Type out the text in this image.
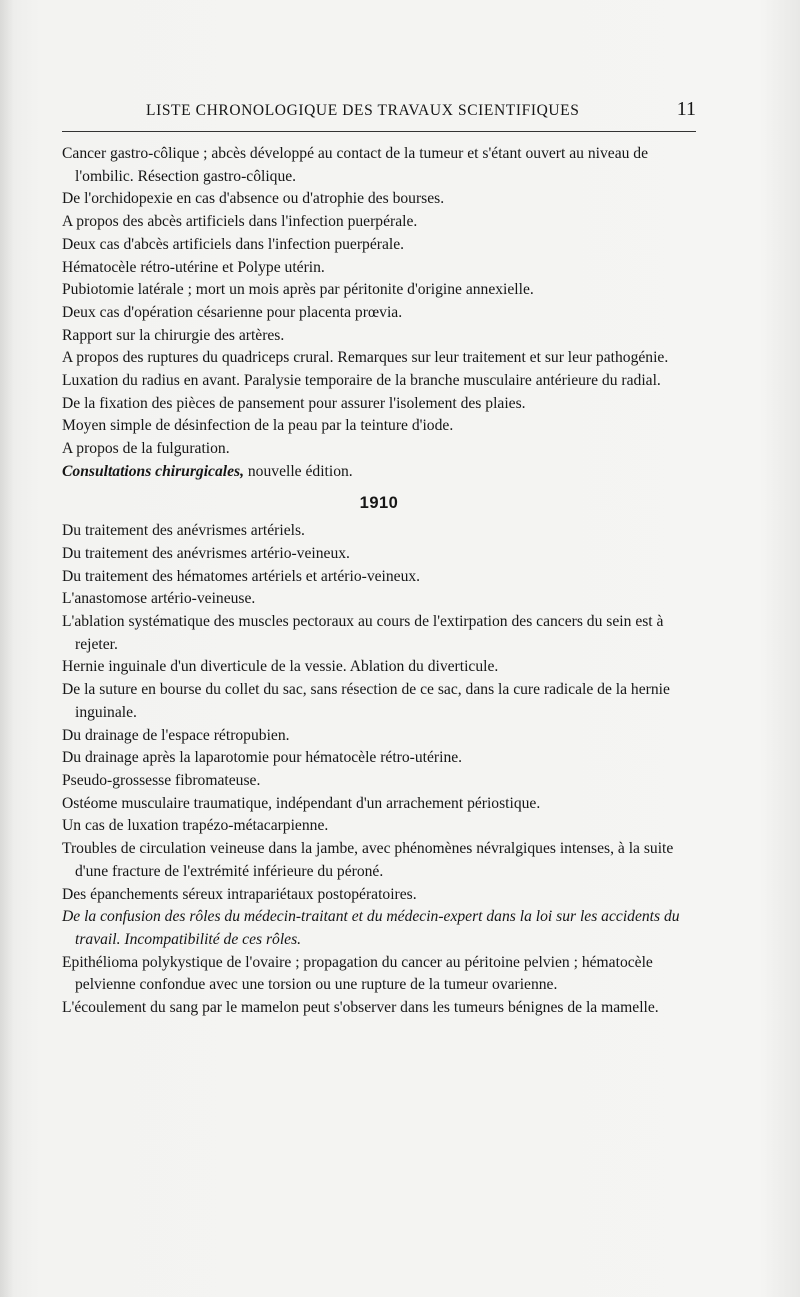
LISTE CHRONOLOGIQUE DES TRAVAUX SCIENTIFIQUES	11

Cancer gastro-côlique ; abcès développé au contact de la tumeur et s'étant ouvert au niveau de l'ombilic. Résection gastro-côlique.

De l'orchidopexie en cas d'absence ou d'atrophie des bourses.

A propos des abcès artificiels dans l'infection puerpérale.

Deux cas d'abcès artificiels dans l'infection puerpérale.

Hématocèle rétro-utérine et Polype utérin.

Pubiotomie latérale ; mort un mois après par péritonite d'origine annexielle.

Deux cas d'opération césarienne pour placenta prœvia.

Rapport sur la chirurgie des artères.

A propos des ruptures du quadriceps crural. Remarques sur leur traitement et sur leur pathogénie.

Luxation du radius en avant. Paralysie temporaire de la branche musculaire antérieure du radial.

De la fixation des pièces de pansement pour assurer l'isolement des plaies.

Moyen simple de désinfection de la peau par la teinture d'iode.

A propos de la fulguration.

Consultations chirurgicales, nouvelle édition.

1910

Du traitement des anévrismes artériels.

Du traitement des anévrismes artério-veineux.

Du traitement des hématomes artériels et artério-veineux.

L'anastomose artério-veineuse.

L'ablation systématique des muscles pectoraux au cours de l'extirpation des cancers du sein est à rejeter.

Hernie inguinale d'un diverticule de la vessie. Ablation du diverticule.

De la suture en bourse du collet du sac, sans résection de ce sac, dans la cure radicale de la hernie inguinale.

Du drainage de l'espace rétropubien.

Du drainage après la laparotomie pour hématocèle rétro-utérine.

Pseudo-grossesse fibromateuse.

Ostéome musculaire traumatique, indépendant d'un arrachement périostique.

Un cas de luxation trapézo-métacarpienne.

Troubles de circulation veineuse dans la jambe, avec phénomènes névralgiques intenses, à la suite d'une fracture de l'extrémité inférieure du péroné.

Des épanchements séreux intrapariétaux postopératoires.

De la confusion des rôles du médecin-traitant et du médecin-expert dans la loi sur les accidents du travail. Incompatibilité de ces rôles.

Epithélioma polykystique de l'ovaire ; propagation du cancer au péritoine pelvien ; hématocèle pelvienne confondue avec une torsion ou une rupture de la tumeur ovarienne.

L'écoulement du sang par le mamelon peut s'observer dans les tumeurs bénignes de la mamelle.
